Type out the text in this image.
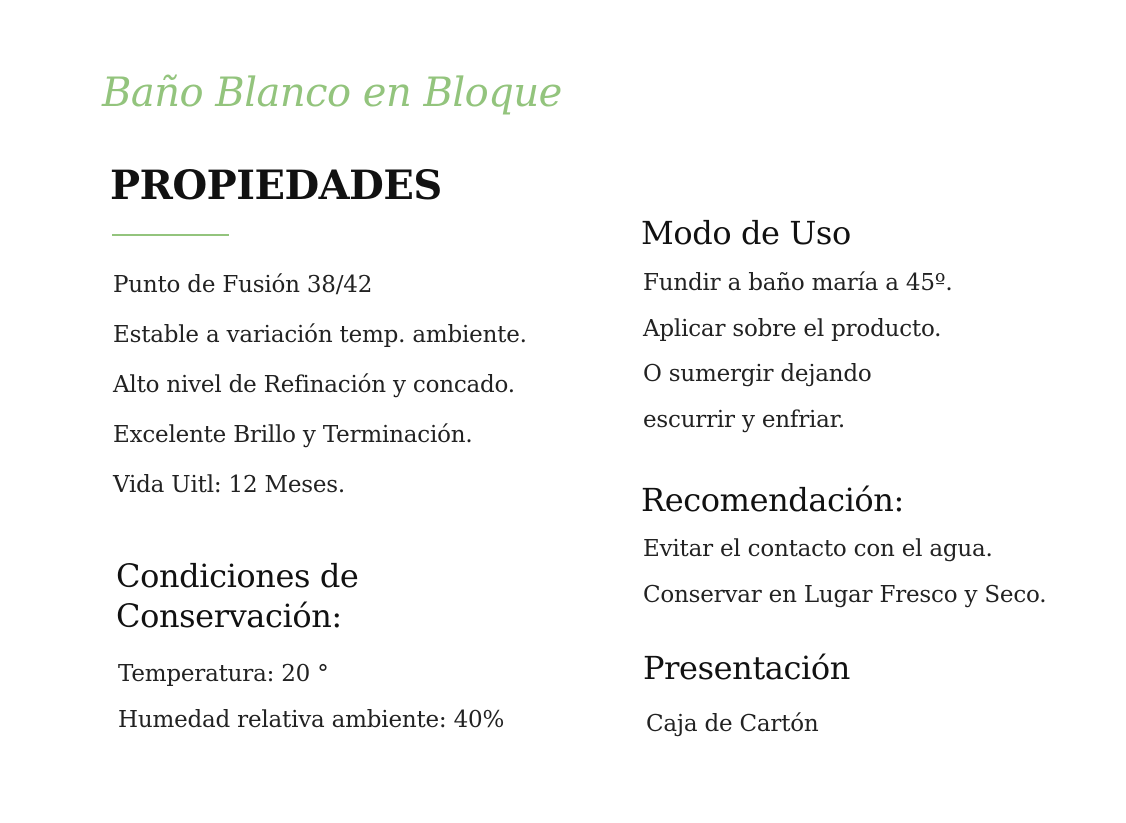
Baño Blanco en Bloque
PROPIEDADES
Punto de Fusión 38/42
Estable a variación temp. ambiente.
Alto nivel de Refinación y concado.
Excelente Brillo y Terminación.
Vida Uitl: 12 Meses.
Condiciones de
Conservación:
Temperatura: 20 °
Humedad relativa ambiente: 40%
Modo de Uso
Fundir a baño maría a 45º.
Aplicar sobre el producto.
O sumergir dejando
escurrir y enfriar.
Recomendación:
Evitar el contacto con el agua.
Conservar en Lugar Fresco y Seco.
Presentación
Caja de Cartón
